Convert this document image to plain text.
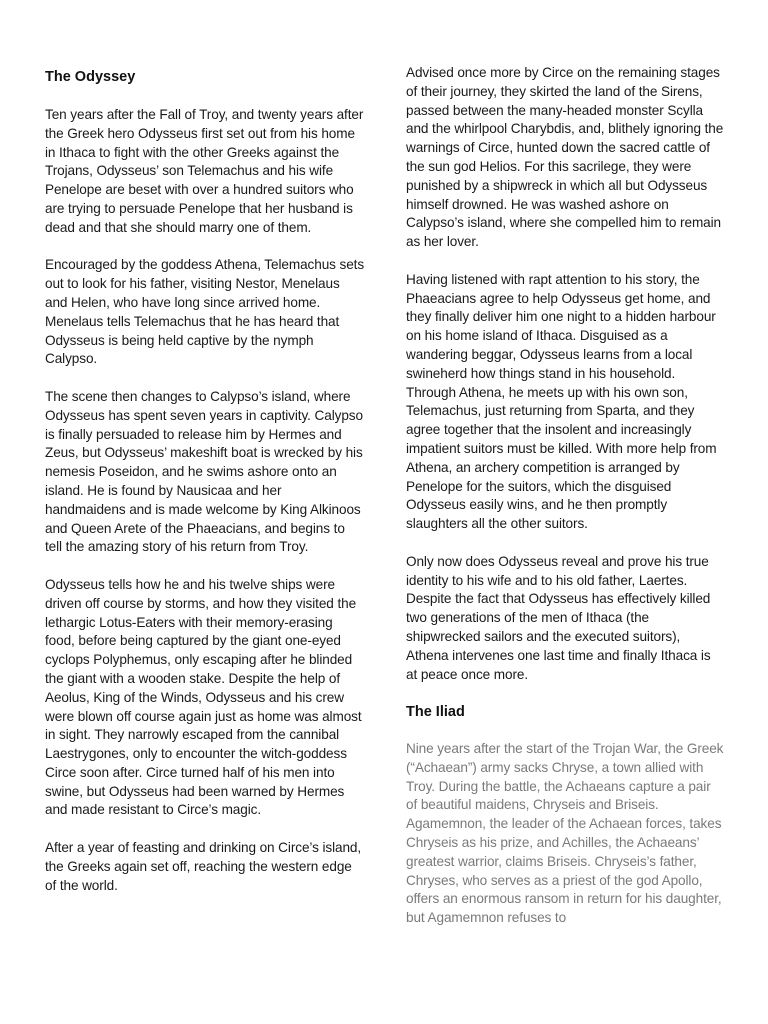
The Odyssey

Ten years after the Fall of Troy, and twenty years after the Greek hero Odysseus first set out from his home in Ithaca to fight with the other Greeks against the Trojans, Odysseus’ son Telemachus and his wife Penelope are beset with over a hundred suitors who are trying to persuade Penelope that her husband is dead and that she should marry one of them.

Encouraged by the goddess Athena, Telemachus sets out to look for his father, visiting Nestor, Menelaus and Helen, who have long since arrived home. Menelaus tells Telemachus that he has heard that Odysseus is being held captive by the nymph Calypso.

The scene then changes to Calypso’s island, where Odysseus has spent seven years in captivity. Calypso is finally persuaded to release him by Hermes and Zeus, but Odysseus’ makeshift boat is wrecked by his nemesis Poseidon, and he swims ashore onto an island. He is found by Nausicaa and her handmaidens and is made welcome by King Alkinoos and Queen Arete of the Phaeacians, and begins to tell the amazing story of his return from Troy.

Odysseus tells how he and his twelve ships were driven off course by storms, and how they visited the lethargic Lotus-Eaters with their memory-erasing food, before being captured by the giant one-eyed cyclops Polyphemus, only escaping after he blinded the giant with a wooden stake. Despite the help of Aeolus, King of the Winds, Odysseus and his crew were blown off course again just as home was almost in sight. They narrowly escaped from the cannibal Laestrygones, only to encounter the witch-goddess Circe soon after. Circe turned half of his men into swine, but Odysseus had been warned by Hermes and made resistant to Circe’s magic.

After a year of feasting and drinking on Circe’s island, the Greeks again set off, reaching the western edge of the world.

Advised once more by Circe on the remaining stages of their journey, they skirted the land of the Sirens, passed between the many-headed monster Scylla and the whirlpool Charybdis, and, blithely ignoring the warnings of Circe, hunted down the sacred cattle of the sun god Helios. For this sacrilege, they were punished by a shipwreck in which all but Odysseus himself drowned. He was washed ashore on Calypso’s island, where she compelled him to remain as her lover.

Having listened with rapt attention to his story, the Phaeacians agree to help Odysseus get home, and they finally deliver him one night to a hidden harbour on his home island of Ithaca. Disguised as a wandering beggar, Odysseus learns from a local swineherd how things stand in his household. Through Athena, he meets up with his own son, Telemachus, just returning from Sparta, and they agree together that the insolent and increasingly impatient suitors must be killed. With more help from Athena, an archery competition is arranged by Penelope for the suitors, which the disguised Odysseus easily wins, and he then promptly slaughters all the other suitors.

Only now does Odysseus reveal and prove his true identity to his wife and to his old father, Laertes. Despite the fact that Odysseus has effectively killed two generations of the men of Ithaca (the shipwrecked sailors and the executed suitors), Athena intervenes one last time and finally Ithaca is at peace once more.

The Iliad

Nine years after the start of the Trojan War, the Greek (“Achaean”) army sacks Chryse, a town allied with Troy. During the battle, the Achaeans capture a pair of beautiful maidens, Chryseis and Briseis. Agamemnon, the leader of the Achaean forces, takes Chryseis as his prize, and Achilles, the Achaeans’ greatest warrior, claims Briseis. Chryseis’s father, Chryses, who serves as a priest of the god Apollo, offers an enormous ransom in return for his daughter, but Agamemnon refuses to
